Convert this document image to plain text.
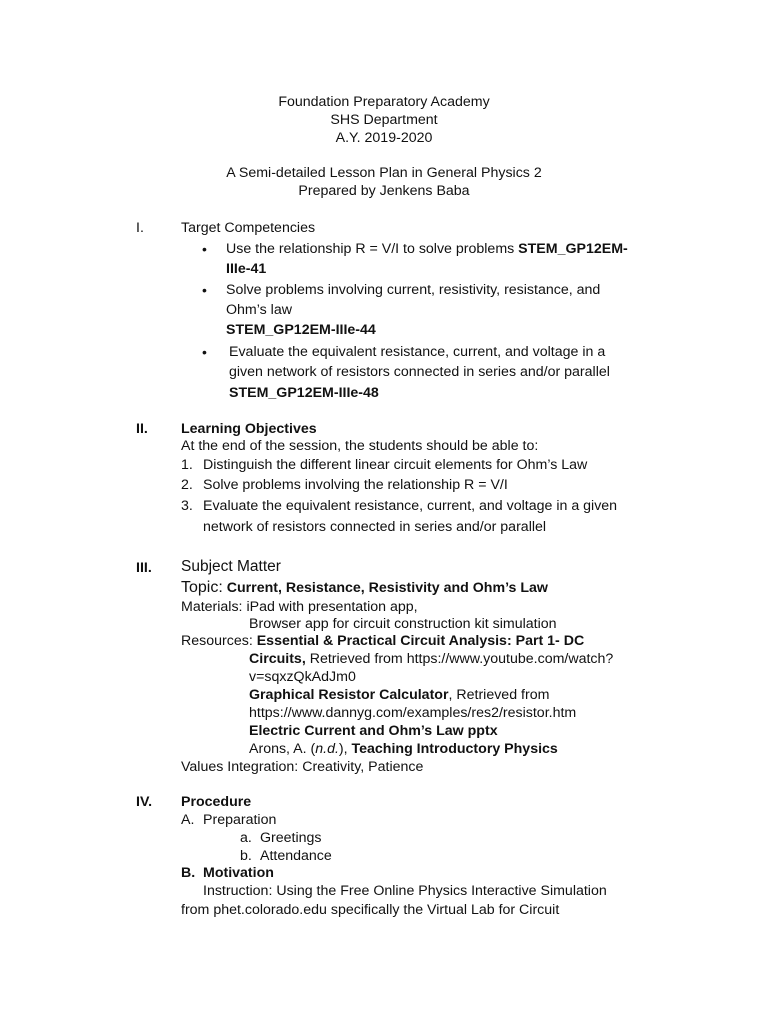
Foundation Preparatory Academy
SHS Department
A.Y. 2019-2020
A Semi-detailed Lesson Plan in General Physics 2
Prepared by Jenkens Baba
I.	Target Competencies
• Use the relationship R = V/I to solve problems STEM_GP12EM-
IIIe-41
• Solve problems involving current, resistivity, resistance, and
Ohm’s law
STEM_GP12EM-IIIe-44
• Evaluate the equivalent resistance, current, and voltage in a
given network of resistors connected in series and/or parallel
STEM_GP12EM-IIIe-48
II. Learning Objectives
At the end of the session, the students should be able to:
1. Distinguish the different linear circuit elements for Ohm’s Law
2. Solve problems involving the relationship R = V/I
3. Evaluate the equivalent resistance, current, and voltage in a given
network of resistors connected in series and/or parallel
III. Subject Matter
Topic: Current, Resistance, Resistivity and Ohm’s Law
Materials: iPad with presentation app,
Browser app for circuit construction kit simulation
Resources: Essential & Practical Circuit Analysis: Part 1- DC
Circuits, Retrieved from https://www.youtube.com/watch?
v=sqxzQkAdJm0
Graphical Resistor Calculator, Retrieved from
https://www.dannyg.com/examples/res2/resistor.htm
Electric Current and Ohm’s Law pptx
Arons, A. (n.d.), Teaching Introductory Physics
Values Integration: Creativity, Patience
IV. Procedure
A. Preparation
a. Greetings
b. Attendance
B. Motivation
Instruction: Using the Free Online Physics Interactive Simulation
from phet.colorado.edu specifically the Virtual Lab for Circuit
